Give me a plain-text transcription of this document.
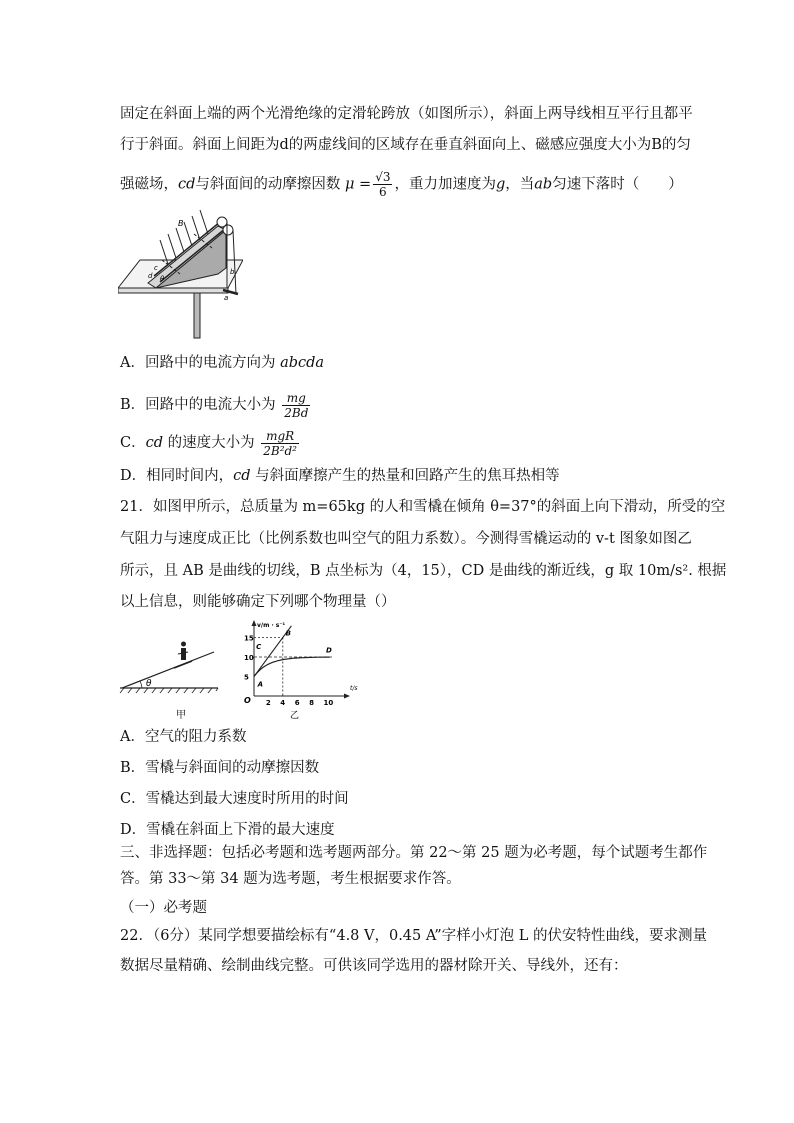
固定在斜面上端的两个光滑绝缘的定滑轮跨放（如图所示），斜面上两导线相互平行且都平
行于斜面。斜面上间距为d的两虚线间的区域存在垂直斜面向上、磁感应强度大小为B的匀
强磁场，cd与斜面间的动摩擦因数 $\mu = \frac{√3}{6}$ ，重力加速度为g，当ab匀速下落时（　　）
B
θ
b
a
c
d
A．回路中的电流方向为 abcda
B．回路中的电流大小为 $\frac{mg}{2Bd}$
C．cd 的速度大小为 $\frac{\text{mgR}}{\text{2B²d²}}$
D．相同时间内，cd 与斜面摩擦产生的热量和回路产生的焦耳热相等
21．如图甲所示，总质量为 m=65kg 的人和雪橇在倾角 θ=37°的斜面上向下滑动，所受的空
气阻力与速度成正比（比例系数也叫空气的阻力系数）。今测得雪橇运动的 v-t 图象如图乙
所示，且 AB 是曲线的切线，B 点坐标为（4，15），CD 是曲线的渐近线，g 取 10m/s². 根据
以上信息，则能够确定下列哪个物理量（）
θ
甲
v/m · s⁻¹
t/s
O
5
10
15
2 4 6 8 10
A
B
C	D
乙
A．空气的阻力系数
B．雪橇与斜面间的动摩擦因数
C．雪橇达到最大速度时所用的时间
D．雪橇在斜面上下滑的最大速度
三、非选择题：包括必考题和选考题两部分。第 22～第 25 题为必考题，每个试题考生都作
答。第 33～第 34 题为选考题，考生根据要求作答。
（一）必考题
22．（6分）某同学想要描绘标有“4.8 V，0.45 A”字样小灯泡 L 的伏安特性曲线，要求测量
数据尽量精确、绘制曲线完整。可供该同学选用的器材除开关、导线外，还有：
